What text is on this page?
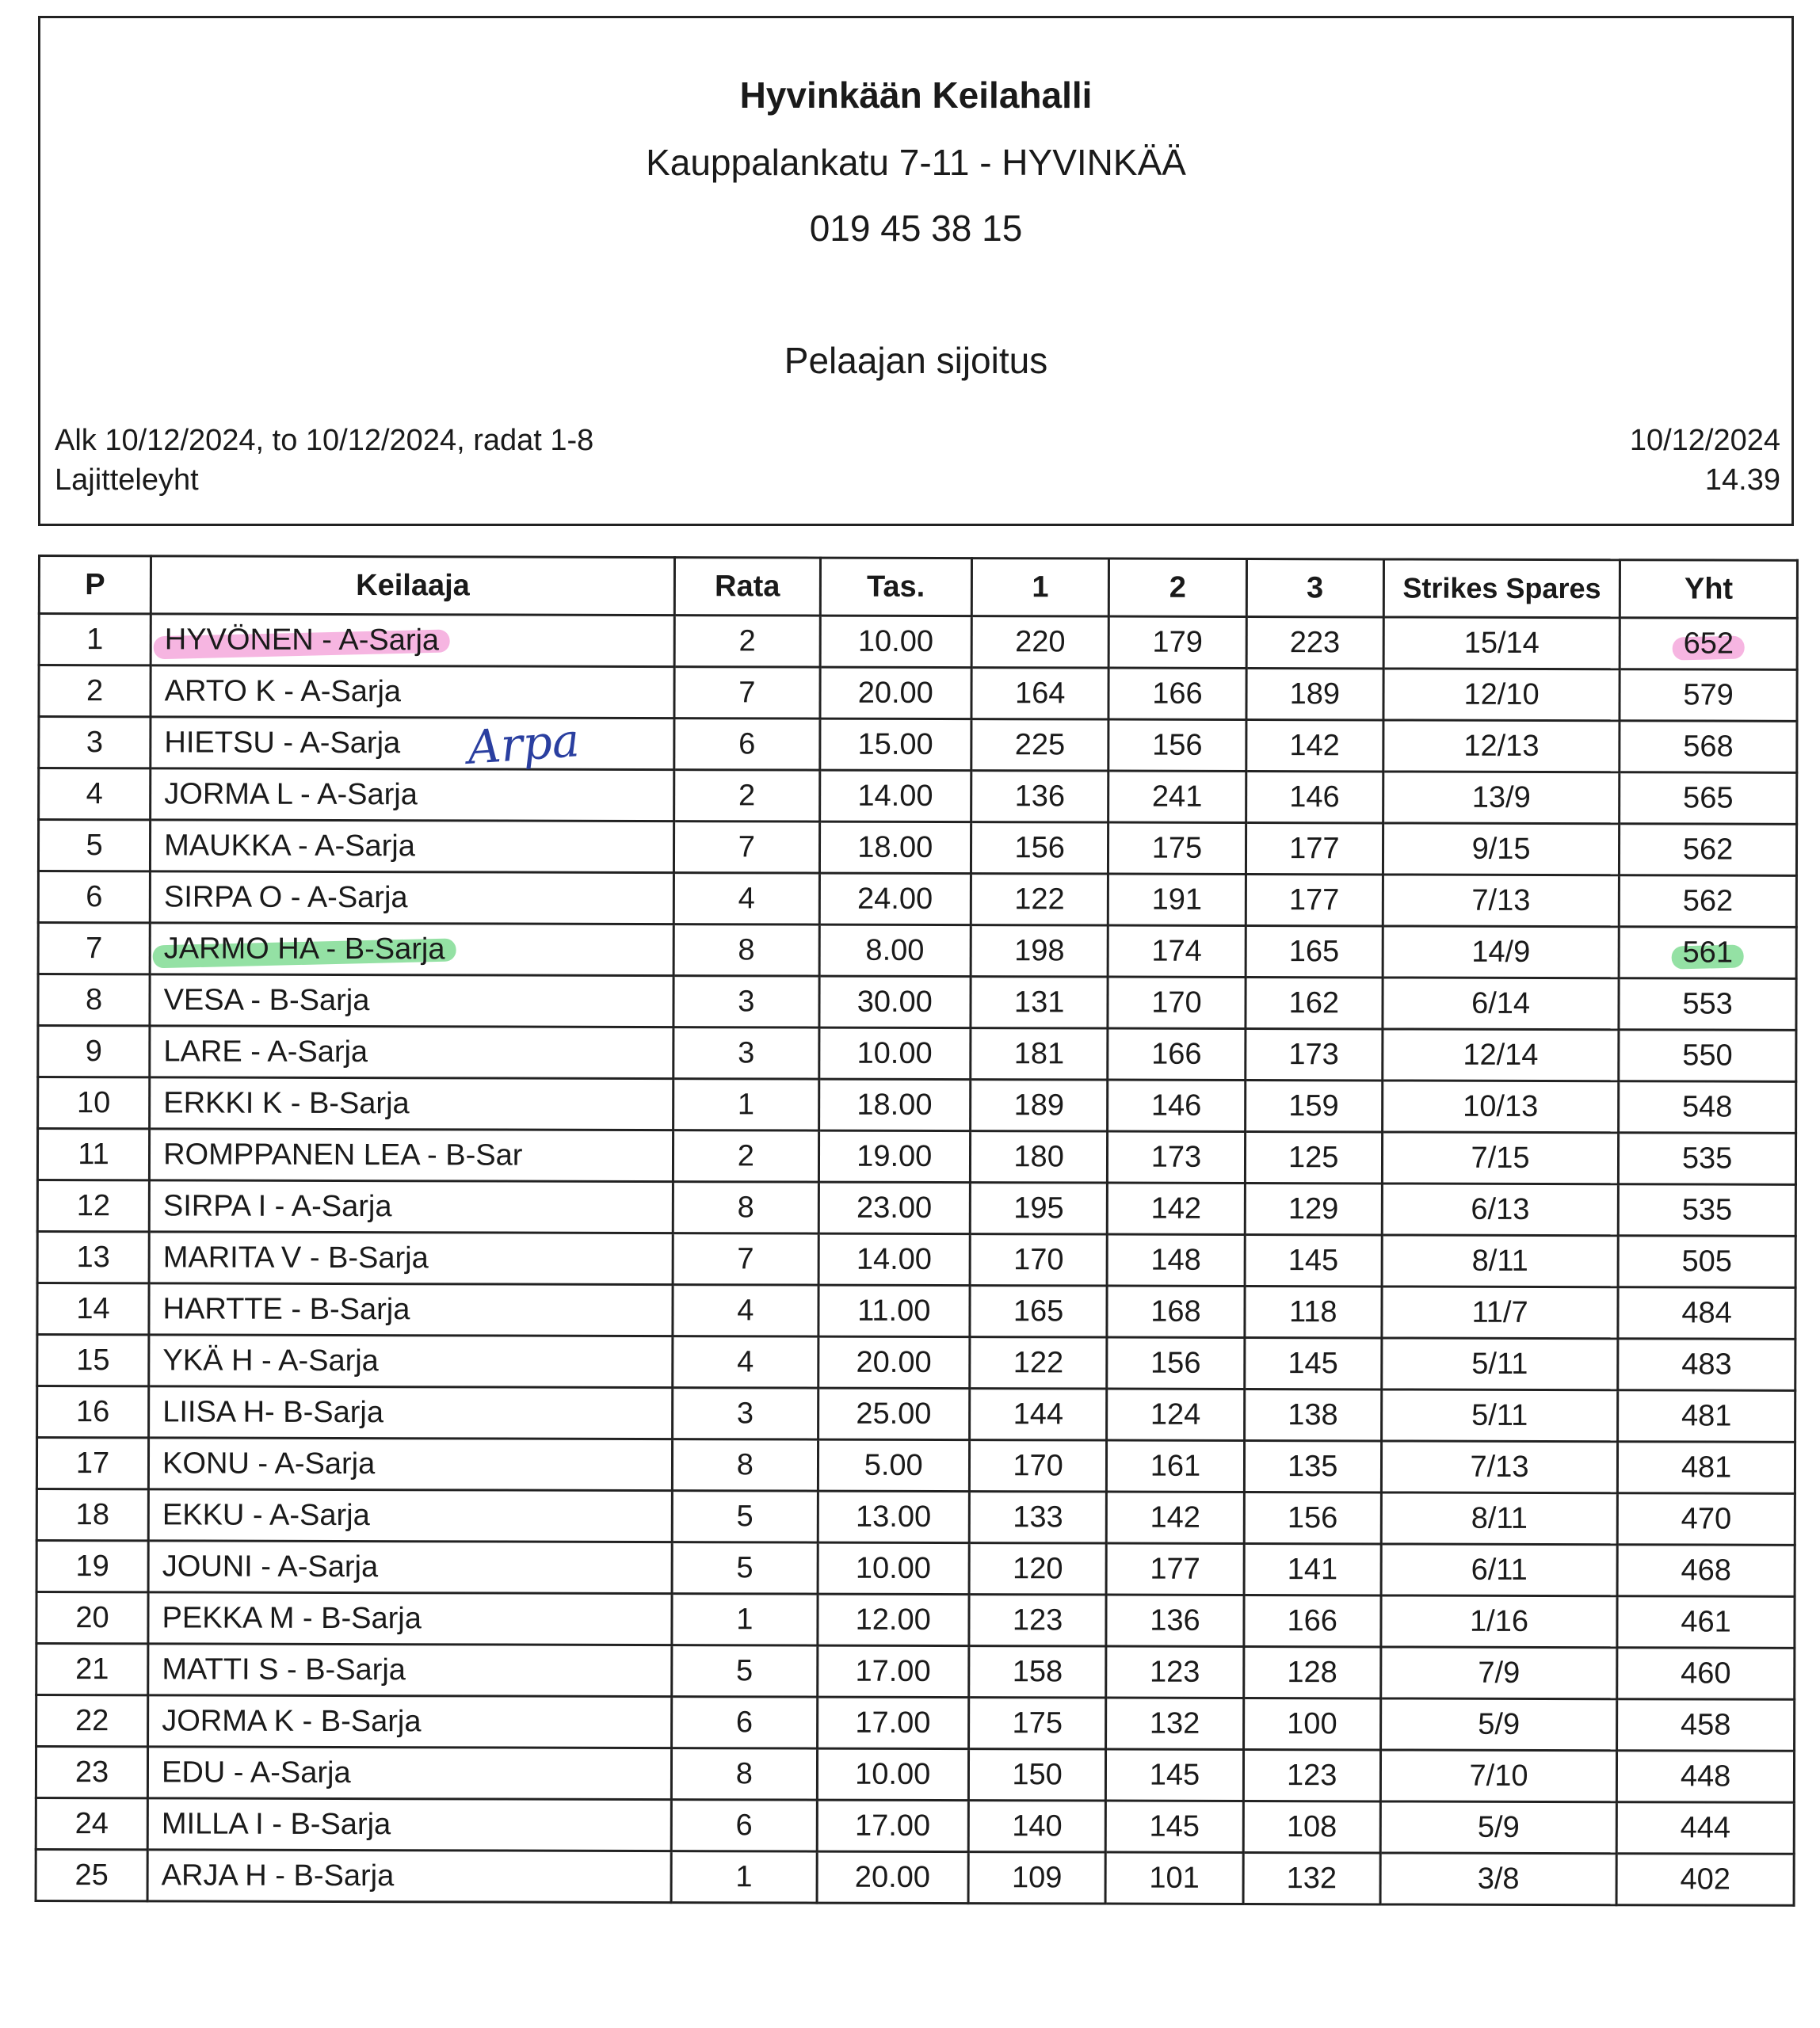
Hyvinkään Keilahalli
Kauppalankatu 7-11 - HYVINKÄÄ
019 45 38 15
Pelaajan sijoitus
Alk 10/12/2024, to 10/12/2024, radat 1-8
Lajitteleyht
10/12/2024
14.39
P	Keilaaja	Rata	Tas.	1	2	3	Strikes Spares	Yht
1	HYVÖNEN - A-Sarja	2	10.00	220	179	223	15/14	652
2	ARTO K - A-Sarja	7	20.00	164	166	189	12/10	579
3	HIETSU - A-Sarja	6	15.00	225	156	142	12/13	568
4	JORMA L - A-Sarja	2	14.00	136	241	146	13/9	565
5	MAUKKA - A-Sarja	7	18.00	156	175	177	9/15	562
6	SIRPA O - A-Sarja	4	24.00	122	191	177	7/13	562
7	JARMO HA - B-Sarja	8	8.00	198	174	165	14/9	561
8	VESA - B-Sarja	3	30.00	131	170	162	6/14	553
9	LARE - A-Sarja	3	10.00	181	166	173	12/14	550
10	ERKKI K - B-Sarja	1	18.00	189	146	159	10/13	548
11	ROMPPANEN LEA - B-Sar	2	19.00	180	173	125	7/15	535
12	SIRPA I - A-Sarja	8	23.00	195	142	129	6/13	535
13	MARITA V - B-Sarja	7	14.00	170	148	145	8/11	505
14	HARTTE - B-Sarja	4	11.00	165	168	118	11/7	484
15	YKÄ H - A-Sarja	4	20.00	122	156	145	5/11	483
16	LIISA H- B-Sarja	3	25.00	144	124	138	5/11	481
17	KONU - A-Sarja	8	5.00	170	161	135	7/13	481
18	EKKU - A-Sarja	5	13.00	133	142	156	8/11	470
19	JOUNI - A-Sarja	5	10.00	120	177	141	6/11	468
20	PEKKA M - B-Sarja	1	12.00	123	136	166	1/16	461
21	MATTI S - B-Sarja	5	17.00	158	123	128	7/9	460
22	JORMA K - B-Sarja	6	17.00	175	132	100	5/9	458
23	EDU - A-Sarja	8	10.00	150	145	123	7/10	448
24	MILLA I - B-Sarja	6	17.00	140	145	108	5/9	444
25	ARJA H - B-Sarja	1	20.00	109	101	132	3/8	402
Arpa
